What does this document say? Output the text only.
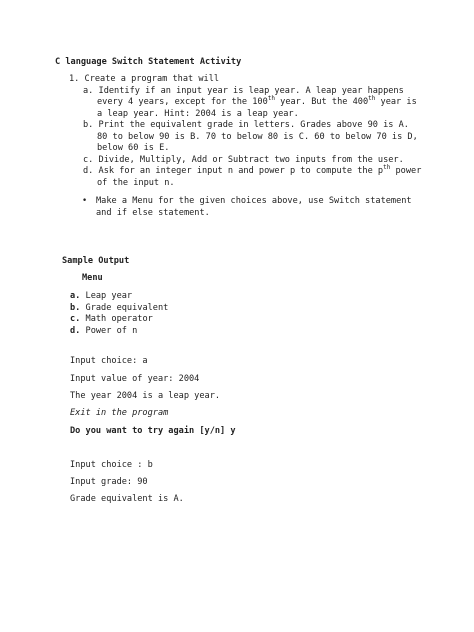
C language Switch Statement Activity
1. Create a program that will
a. Identify if an input year is leap year. A leap year happens
every 4 years, except for the 100th year. But the 400th year is
a leap year. Hint: 2004 is a leap year.
b. Print the equivalent grade in letters. Grades above 90 is A.
80 to below 90 is B. 70 to below 80 is C. 60 to below 70 is D,
below 60 is E.
c. Divide, Multiply, Add or Subtract two inputs from the user.
d. Ask for an integer input n and power p to compute the $p^{th}$ power
of the input n.
•	Make a Menu for the given choices above, use Switch statement
and if else statement.
Sample Output
Menu
a. Leap year
b. Grade equivalent
c. Math operator
d. Power of n
Input choice: a
Input value of year: 2004
The year 2004 is a leap year.
Exit in the program
Do you want to try again [y/n] y
Input choice : b
Input grade: 90
Grade equivalent is A.
